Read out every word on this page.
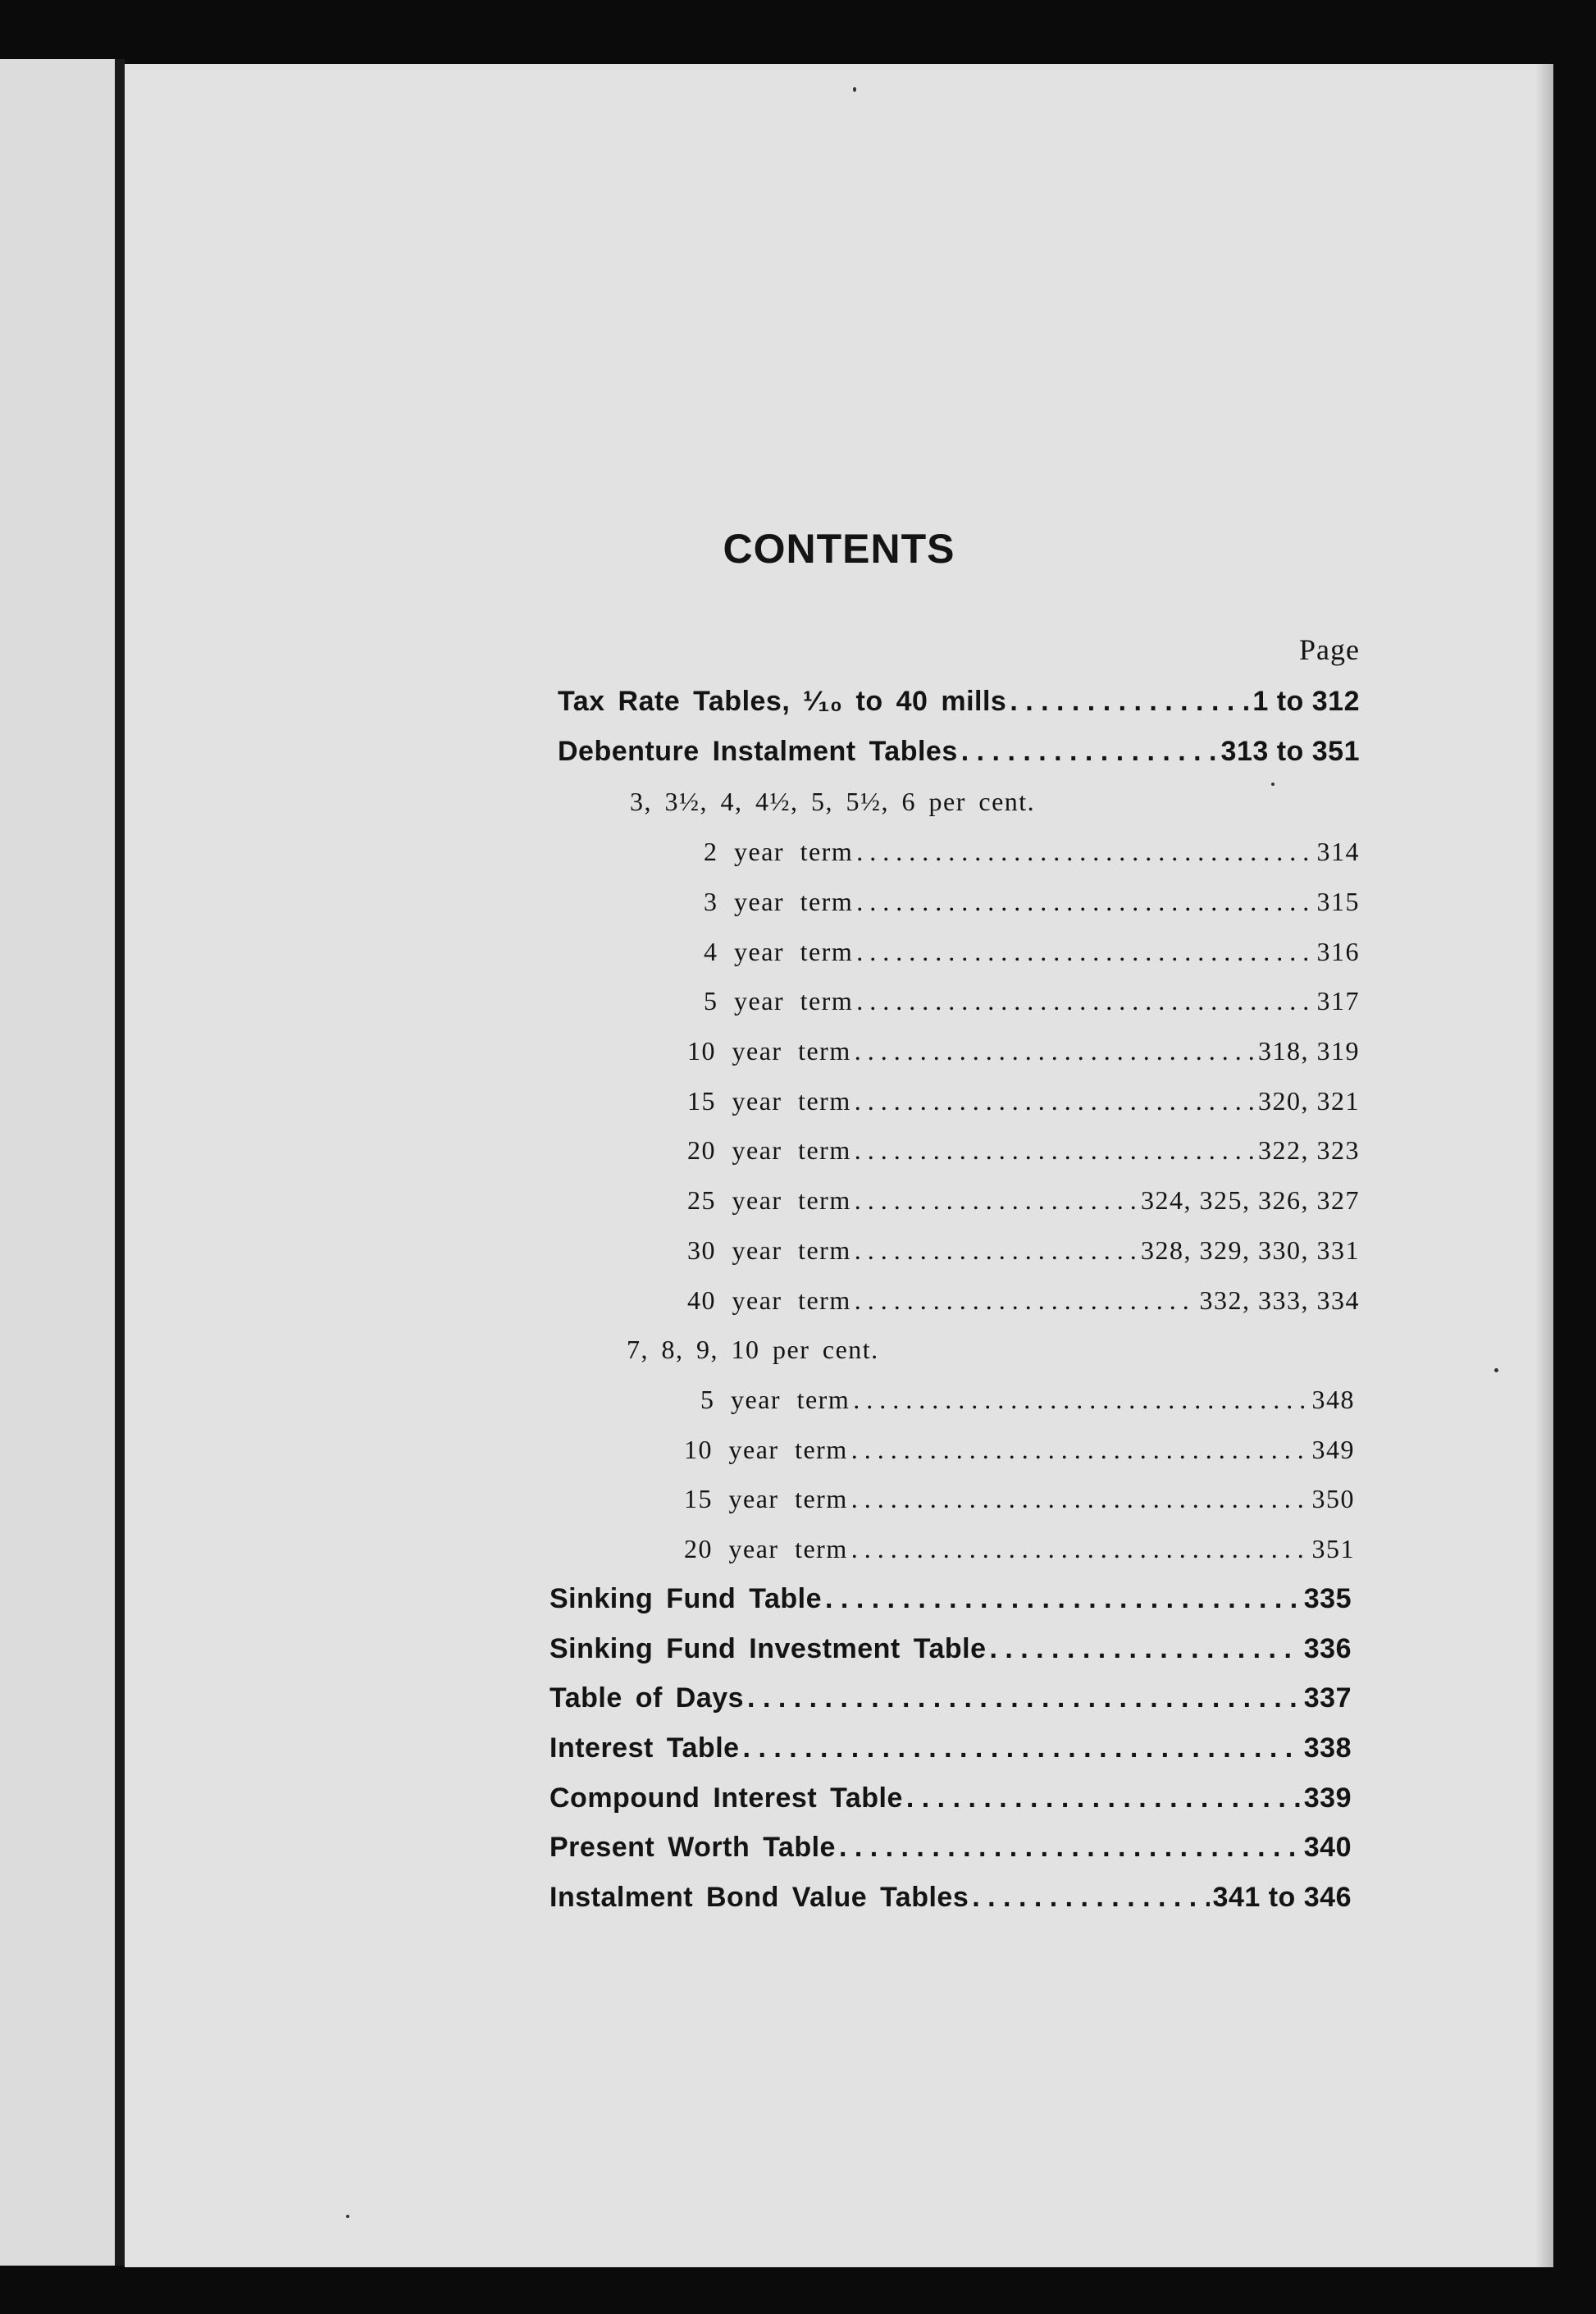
CONTENTS
Page
Tax Rate Tables, ¹⁄₁₀ to 40 mills . . .	1 to 312
Debenture Instalment Tables . . .	313 to 351
3, 3½, 4, 4½, 5, 5½, 6 per cent.
2 year term . . .	314
3 year term . . .	315
4 year term . . .	316
5 year term . . .	317
10 year term . . .	318, 319
15 year term . . .	320, 321
20 year term . . .	322, 323
25 year term . . .	324, 325, 326, 327
30 year term . . .	328, 329, 330, 331
40 year term . . .	332, 333, 334
7, 8, 9, 10 per cent.
5 year term . . .	348
10 year term . . .	349
15 year term . . .	350
20 year term . . .	351
Sinking Fund Table . . .	335
Sinking Fund Investment Table . . .	336
Table of Days . . .	337
Interest Table . . .	338
Compound Interest Table . . .	339
Present Worth Table . . .	340
Instalment Bond Value Tables . . .	341 to 346
